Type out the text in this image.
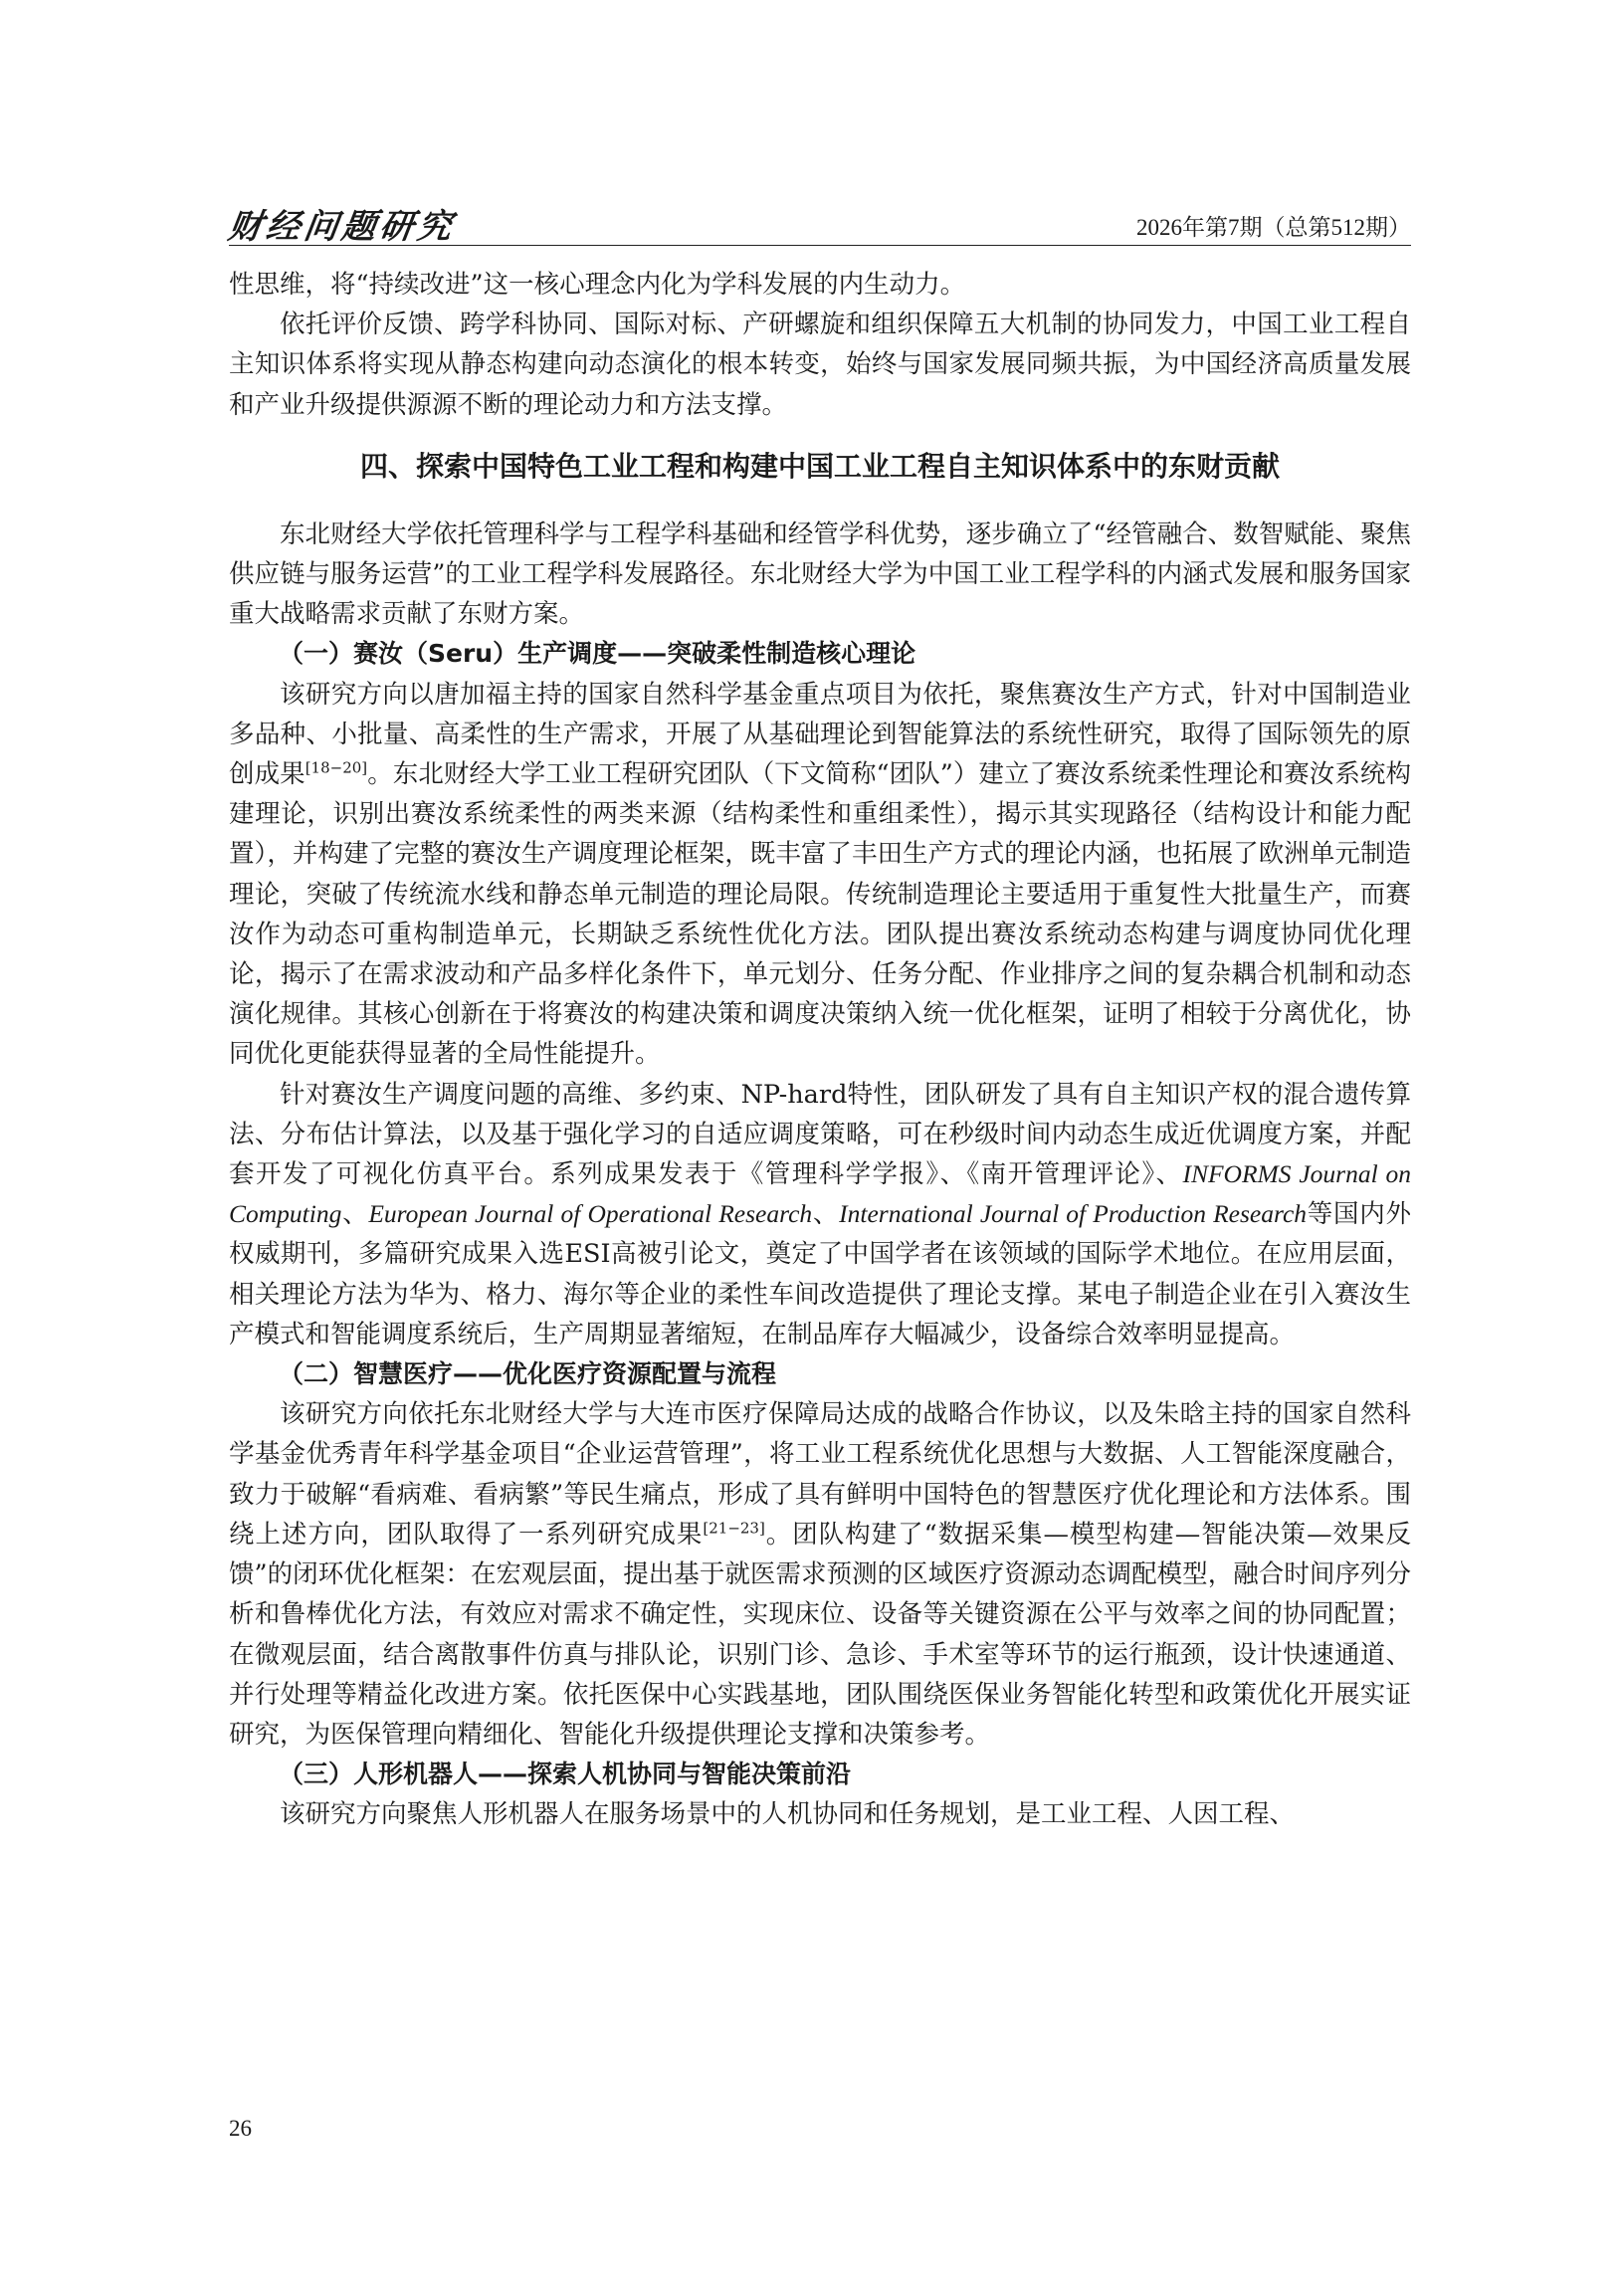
财经问题研究	2026年第7期（总第512期）

性思维，将“持续改进”这一核心理念内化为学科发展的内生动力。

依托评价反馈、跨学科协同、国际对标、产研螺旋和组织保障五大机制的协同发力，中国工业工程自主知识体系将实现从静态构建向动态演化的根本转变，始终与国家发展同频共振，为中国经济高质量发展和产业升级提供源源不断的理论动力和方法支撑。

四、探索中国特色工业工程和构建中国工业工程自主知识体系中的东财贡献

东北财经大学依托管理科学与工程学科基础和经管学科优势，逐步确立了“经管融合、数智赋能、聚焦供应链与服务运营”的工业工程学科发展路径。东北财经大学为中国工业工程学科的内涵式发展和服务国家重大战略需求贡献了东财方案。

（一）赛汝（Seru）生产调度——突破柔性制造核心理论

该研究方向以唐加福主持的国家自然科学基金重点项目为依托，聚焦赛汝生产方式，针对中国制造业多品种、小批量、高柔性的生产需求，开展了从基础理论到智能算法的系统性研究，取得了国际领先的原创成果[18−20]。东北财经大学工业工程研究团队（下文简称“团队”）建立了赛汝系统柔性理论和赛汝系统构建理论，识别出赛汝系统柔性的两类来源（结构柔性和重组柔性），揭示其实现路径（结构设计和能力配置），并构建了完整的赛汝生产调度理论框架，既丰富了丰田生产方式的理论内涵，也拓展了欧洲单元制造理论，突破了传统流水线和静态单元制造的理论局限。传统制造理论主要适用于重复性大批量生产，而赛汝作为动态可重构制造单元，长期缺乏系统性优化方法。团队提出赛汝系统动态构建与调度协同优化理论，揭示了在需求波动和产品多样化条件下，单元划分、任务分配、作业排序之间的复杂耦合机制和动态演化规律。其核心创新在于将赛汝的构建决策和调度决策纳入统一优化框架，证明了相较于分离优化，协同优化更能获得显著的全局性能提升。

针对赛汝生产调度问题的高维、多约束、NP-hard特性，团队研发了具有自主知识产权的混合遗传算法、分布估计算法，以及基于强化学习的自适应调度策略，可在秒级时间内动态生成近优调度方案，并配套开发了可视化仿真平台。系列成果发表于《管理科学学报》、《南开管理评论》、INFORMS Journal on Computing、European Journal of Operational Research、International Journal of Production Research等国内外权威期刊，多篇研究成果入选ESI高被引论文，奠定了中国学者在该领域的国际学术地位。在应用层面，相关理论方法为华为、格力、海尔等企业的柔性车间改造提供了理论支撑。某电子制造企业在引入赛汝生产模式和智能调度系统后，生产周期显著缩短，在制品库存大幅减少，设备综合效率明显提高。

（二）智慧医疗——优化医疗资源配置与流程

该研究方向依托东北财经大学与大连市医疗保障局达成的战略合作协议，以及朱晗主持的国家自然科学基金优秀青年科学基金项目“企业运营管理”，将工业工程系统优化思想与大数据、人工智能深度融合，致力于破解“看病难、看病繁”等民生痛点，形成了具有鲜明中国特色的智慧医疗优化理论和方法体系。围绕上述方向，团队取得了一系列研究成果[21−23]。团队构建了“数据采集—模型构建—智能决策—效果反馈”的闭环优化框架：在宏观层面，提出基于就医需求预测的区域医疗资源动态调配模型，融合时间序列分析和鲁棒优化方法，有效应对需求不确定性，实现床位、设备等关键资源在公平与效率之间的协同配置；在微观层面，结合离散事件仿真与排队论，识别门诊、急诊、手术室等环节的运行瓶颈，设计快速通道、并行处理等精益化改进方案。依托医保中心实践基地，团队围绕医保业务智能化转型和政策优化开展实证研究，为医保管理向精细化、智能化升级提供理论支撑和决策参考。

（三）人形机器人——探索人机协同与智能决策前沿

该研究方向聚焦人形机器人在服务场景中的人机协同和任务规划，是工业工程、人因工程、

26
